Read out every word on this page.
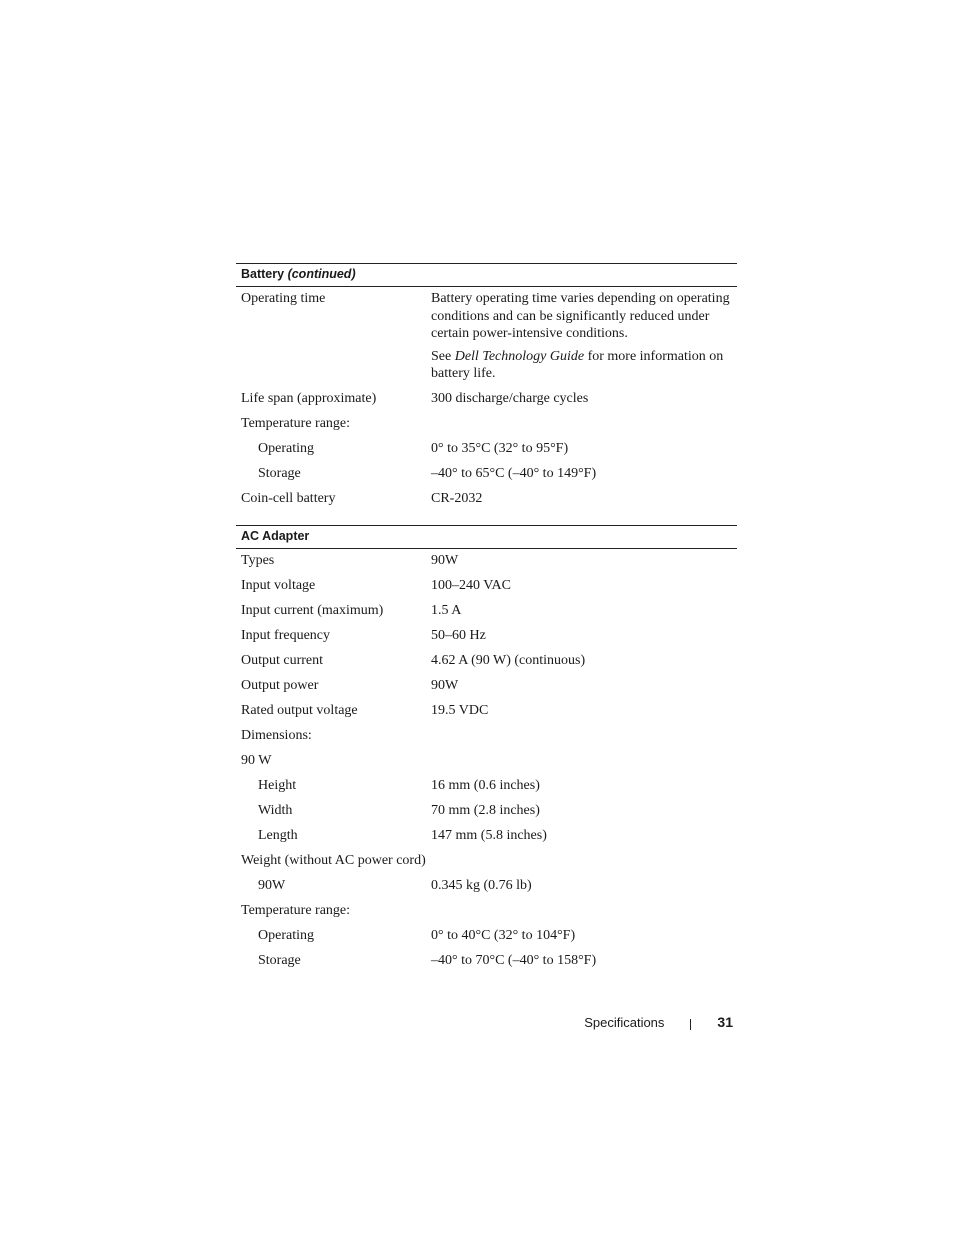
Battery (continued)
Operating time	Battery operating time varies depending on operating conditions and can be significantly reduced under certain power-intensive conditions.

See Dell Technology Guide for more information on battery life.

Life span (approximate)	300 discharge/charge cycles
Temperature range:
Operating	0° to 35°C (32° to 95°F)
Storage	–40° to 65°C (–40° to 149°F)
Coin-cell battery	CR-2032
AC Adapter
Types	90W
Input voltage	100–240 VAC
Input current (maximum)	1.5 A
Input frequency	50–60 Hz
Output current	4.62 A (90 W) (continuous)
Output power	90W
Rated output voltage	19.5 VDC
Dimensions:
90 W
Height	16 mm (0.6 inches)
Width	70 mm (2.8 inches)
Length	147 mm (5.8 inches)
Weight (without AC power cord)
90W	0.345 kg (0.76 lb)
Temperature range:
Operating	0° to 40°C (32° to 104°F)
Storage	–40° to 70°C (–40° to 158°F)
Specifications	31
